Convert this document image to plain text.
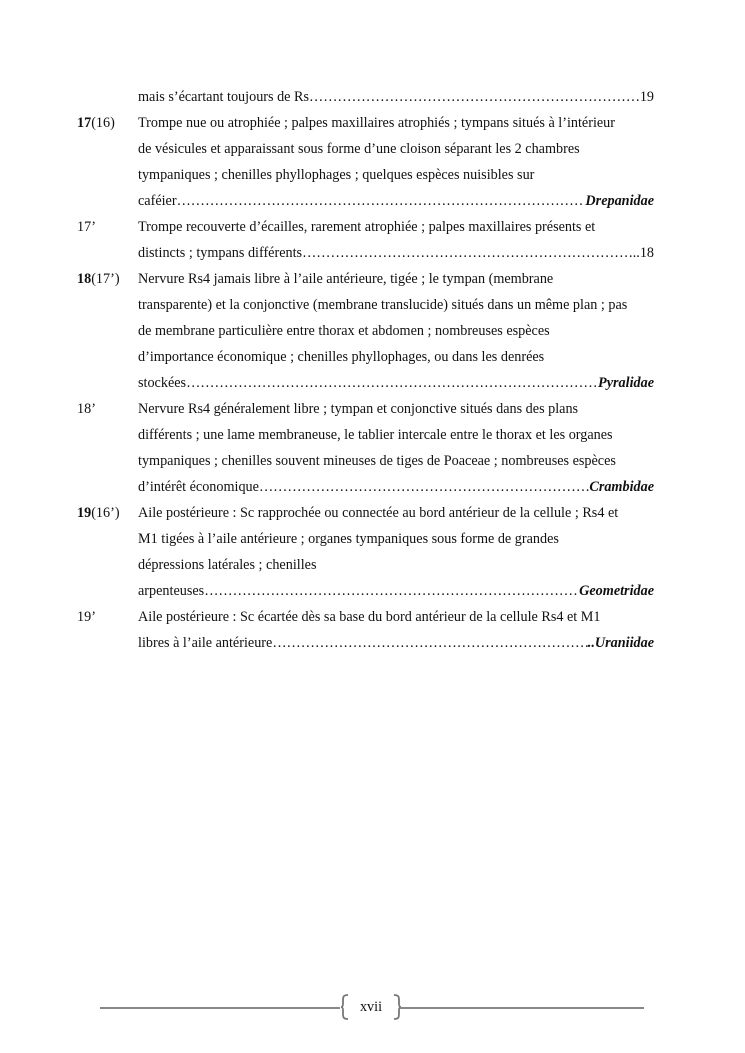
mais s’écartant toujours de Rs ……………………………………………………………………………………………………………………………………………………………	19
17(16) Trompe nue ou atrophiée ; palpes maxillaires atrophiés ; tympans situés à l’intérieur
de vésicules et apparaissant sous forme d’une cloison séparant les 2 chambres
tympaniques ; chenilles phyllophages ; quelques espèces nuisibles sur
caféier ……………………………………………………………………………………………………………………………………………………………	Drepanidae
17’	Trompe recouverte d’écailles, rarement atrophiée ; palpes maxillaires présents et
distincts ; tympans différents ……………………………………………………………………………………………………………………………………………………………	..18
18(17’) Nervure Rs4 jamais libre à l’aile antérieure, tigée ; le tympan (membrane
transparente) et la conjonctive (membrane translucide) situés dans un même plan ; pas
de membrane particulière entre thorax et abdomen ; nombreuses espèces
d’importance économique ; chenilles phyllophages, ou dans les denrées
stockées ……………………………………………………………………………………………………………………………………………………………	Pyralidae
18’	Nervure Rs4 généralement libre ; tympan et conjonctive situés dans des plans
différents ; une lame membraneuse, le tablier intercale entre le thorax et les organes
tympaniques ; chenilles souvent mineuses de tiges de Poaceae ; nombreuses espèces
d’intérêt économique ……………………………………………………………………………………………………………………………………………………………	Crambidae
19(16’) Aile postérieure : Sc rapprochée ou connectée au bord antérieur de la cellule ; Rs4 et
M1 tigées à l’aile antérieure ; organes tympaniques sous forme de grandes
dépressions latérales ; chenilles
arpenteuses ……………………………………………………………………………………………………………………………………………………………	Geometridae
19’	Aile postérieure : Sc écartée dès sa base du bord antérieur de la cellule Rs4 et M1
libres à l’aile antérieure ……………………………………………………………………………………………………………………………………………………………	..Uraniidae
xvii
